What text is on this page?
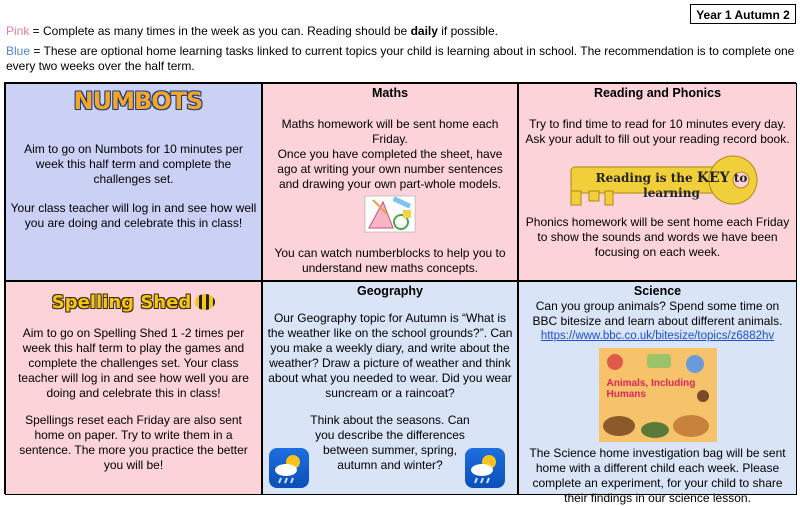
Year 1 Autumn 2
Pink = Complete as many times in the week as you can. Reading should be daily if possible.
Blue = These are optional home learning tasks linked to current topics your child is learning about in school. The recommendation is to complete one every two weeks over the half term.
NUMBOTS

Aim to go on Numbots for 10 minutes per week this half term and complete the challenges set.

Your class teacher will log in and see how well you are doing and celebrate this in class!

Maths

Maths homework will be sent home each Friday.

Once you have completed the sheet, have ago at writing your own number sentences and drawing your own part-whole models.

You can watch numberblocks to help you to understand new maths concepts.

Reading and Phonics

Try to find time to read for 10 minutes every day. Ask your adult to fill out your reading record book.

Reading is the KEY to learning

Phonics homework will be sent home each Friday to show the sounds and words we have been focusing on each week.

Spelling Shed

Aim to go on Spelling Shed 1 -2 times per week this half term to play the games and complete the challenges set. Your class teacher will log in and see how well you are doing and celebrate this in class!

Spellings reset each Friday are also sent home on paper. Try to write them in a sentence. The more you practice the better you will be!

Geography

Our Geography topic for Autumn is “What is the weather like on the school grounds?”. Can you make a weekly diary, and write about the weather? Draw a picture of weather and think about what you needed to wear. Did you wear suncream or a raincoat?

Think about the seasons. Can you describe the differences between summer, spring, autumn and winter?

Science

Can you group animals? Spend some time on BBC bitesize and learn about different animals.

https://www.bbc.co.uk/bitesize/topics/z6882hv
Animals, Including Humans

The Science home investigation bag will be sent home with a different child each week. Please complete an experiment, for your child to share their findings in our science lesson.
